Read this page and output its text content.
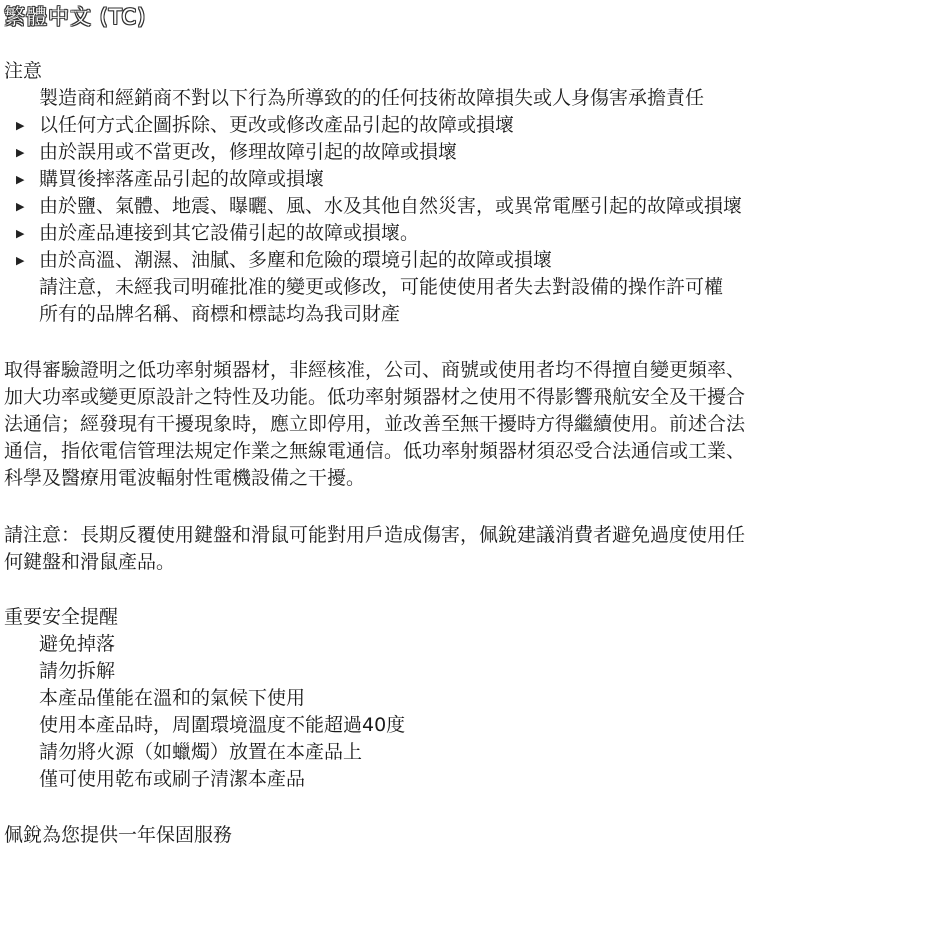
繁體中文 (TC)
注意
製造商和經銷商不對以下行為所導致的的任何技術故障損失或人身傷害承擔責任
▶ 以任何方式企圖拆除、更改或修改產品引起的故障或損壞
▶ 由於誤用或不當更改，修理故障引起的故障或損壞
▶ 購買後摔落產品引起的故障或損壞
▶ 由於鹽、氣體、地震、曝曬、風、水及其他自然災害，或異常電壓引起的故障或損壞
▶ 由於產品連接到其它設備引起的故障或損壞。
▶ 由於高溫、潮濕、油膩、多塵和危險的環境引起的故障或損壞
請注意，未經我司明確批准的變更或修改，可能使使用者失去對設備的操作許可權
所有的品牌名稱、商標和標誌均為我司財產
取得審驗證明之低功率射頻器材，非經核准，公司、商號或使用者均不得擅自變更頻率、
加大功率或變更原設計之特性及功能。低功率射頻器材之使用不得影響飛航安全及干擾合
法通信；經發現有干擾現象時，應立即停用，並改善至無干擾時方得繼續使用。前述合法
通信，指依電信管理法規定作業之無線電通信。低功率射頻器材須忍受合法通信或工業、
科學及醫療用電波輻射性電機設備之干擾。
請注意：長期反覆使用鍵盤和滑鼠可能對用戶造成傷害，佩銳建議消費者避免過度使用任
何鍵盤和滑鼠產品。
重要安全提醒
避免掉落
請勿拆解
本產品僅能在溫和的氣候下使用
使用本產品時，周圍環境溫度不能超過40度
請勿將火源（如蠟燭）放置在本產品上
僅可使用乾布或刷子清潔本產品
佩銳為您提供一年保固服務
